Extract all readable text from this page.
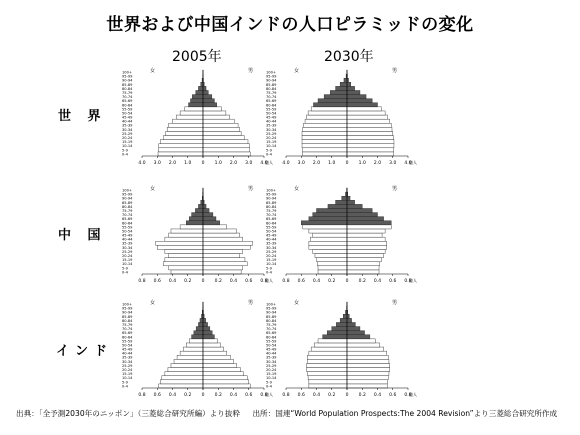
世界および中国インドの人口ピラミッドの変化
2005年	2030年
世 界
中 国
インド
女	男
0-4
5-9
10-14
15-19
20-24
25-29
30-34
35-39
40-44
45-49
50-54
55-59
60-64
65-69
70-74
75-79
80-84
85-89
90-94
95-99
100+
4.0 3.0 2.0 1.0 0 1.0 2.0 3.0 4.0
億人
女	男
0-4
5-9
10-14
15-19
20-24
25-29
30-34
35-39
40-44
45-49
50-54
55-59
60-64
65-69
70-74
75-79
80-84
85-89
90-94
95-99
100+
4.0 3.0 2.0 1.0 0 1.0 2.0 3.0 4.0
億人
女	男
0-4
5-9
10-14
15-19
20-24
25-29
30-34
35-39
40-44
45-49
50-54
55-59
60-64
65-69
70-74
75-79
80-84
85-89
90-94
95-99
100+
0.8 0.6 0.4 0.2 0 0.2 0.4 0.6 0.8
億人
女	男
0-4
5-9
10-14
15-19
20-24
25-29
30-34
35-39
40-44
45-49
50-54
55-59
60-64
65-69
70-74
75-79
80-84
85-89
90-94
95-99
100+
0.8 0.6 0.4 0.2 0 0.2 0.4 0.6 0.8
億人
女	男
0-4
5-9
10-14
15-19
20-24
25-29
30-34
35-39
40-44
45-49
50-54
55-59
60-64
65-69
70-74
75-79
80-84
85-89
90-94
95-99
100+
0.8 0.6 0.4 0.2 0 0.2 0.4 0.6 0.8
億人
女	男
0-4
5-9
10-14
15-19
20-24
25-29
30-34
35-39
40-44
45-49
50-54
55-59
60-64
65-69
70-74
75-79
80-84
85-89
90-94
95-99
100+
0.8 0.6 0.4 0.2 0 0.2 0.4 0.6 0.8
億人
出典：「全予測2030年のニッポン」（三菱総合研究所編）より抜粋 出所：国連“World Population Prospects:The 2004 Revision”より三菱総合研究所作成
